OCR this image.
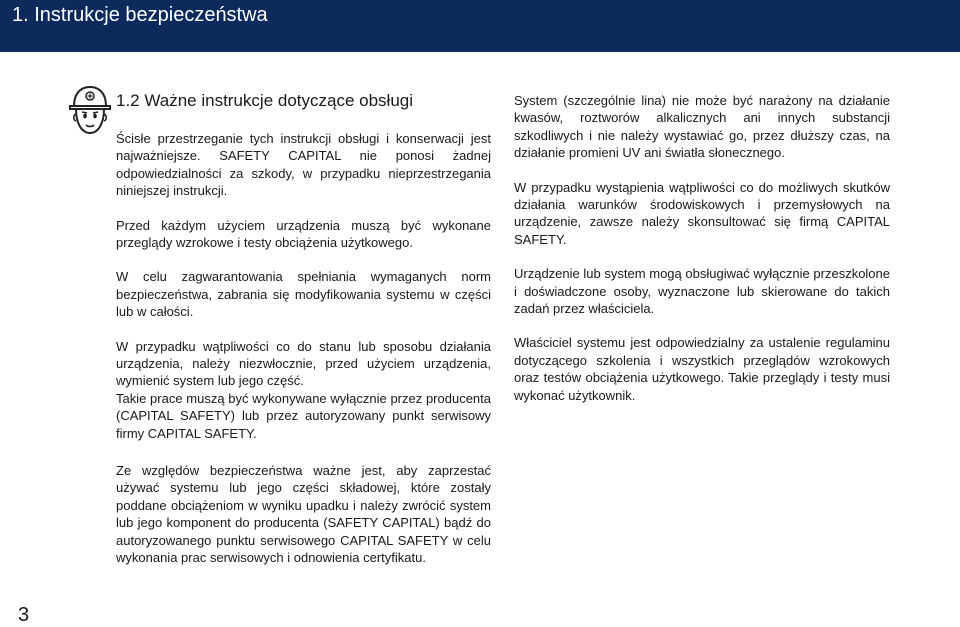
1. Instrukcje bezpieczeństwa
1.2 Ważne instrukcje dotyczące obsługi

Ścisłe przestrzeganie tych instrukcji obsługi i konserwacji jest najważniejsze. SAFETY CAPITAL nie ponosi żadnej odpowiedzialności za szkody, w przypadku nieprzestrzegania niniejszej instrukcji.

Przed każdym użyciem urządzenia muszą być wykonane przeglądy wzrokowe i testy obciążenia użytkowego.

W celu zagwarantowania spełniania wymaganych norm bezpieczeństwa, zabrania się modyfikowania systemu w części lub w całości.

W przypadku wątpliwości co do stanu lub sposobu działania urządzenia, należy niezwłocznie, przed użyciem urządzenia, wymienić system lub jego część.

Takie prace muszą być wykonywane wyłącznie przez producenta (CAPITAL SAFETY) lub przez autoryzowany punkt serwisowy firmy CAPITAL SAFETY.

Ze względów bezpieczeństwa ważne jest, aby zaprzestać używać systemu lub jego części składowej, które zostały poddane obciążeniom w wyniku upadku i należy zwrócić system lub jego komponent do producenta (SAFETY CAPITAL) bądź do autoryzowanego punktu serwisowego CAPITAL SAFETY w celu wykonania prac serwisowych i odnowienia certyfikatu.

System (szczególnie lina) nie może być narażony na działanie kwasów, roztworów alkalicznych ani innych substancji szkodliwych i nie należy wystawiać go, przez dłuższy czas, na działanie promieni UV ani światła słonecznego.

W przypadku wystąpienia wątpliwości co do możliwych skutków działania warunków środowiskowych i przemysłowych na urządzenie, zawsze należy skonsultować się firmą CAPITAL SAFETY.

Urządzenie lub system mogą obsługiwać wyłącznie przeszkolone i doświadczone osoby, wyznaczone lub skierowane do takich zadań przez właściciela.

Właściciel systemu jest odpowiedzialny za ustalenie regulaminu dotyczącego szkolenia i wszystkich przeglądów wzrokowych oraz testów obciążenia użytkowego. Takie przeglądy i testy musi wykonać użytkownik.

3
